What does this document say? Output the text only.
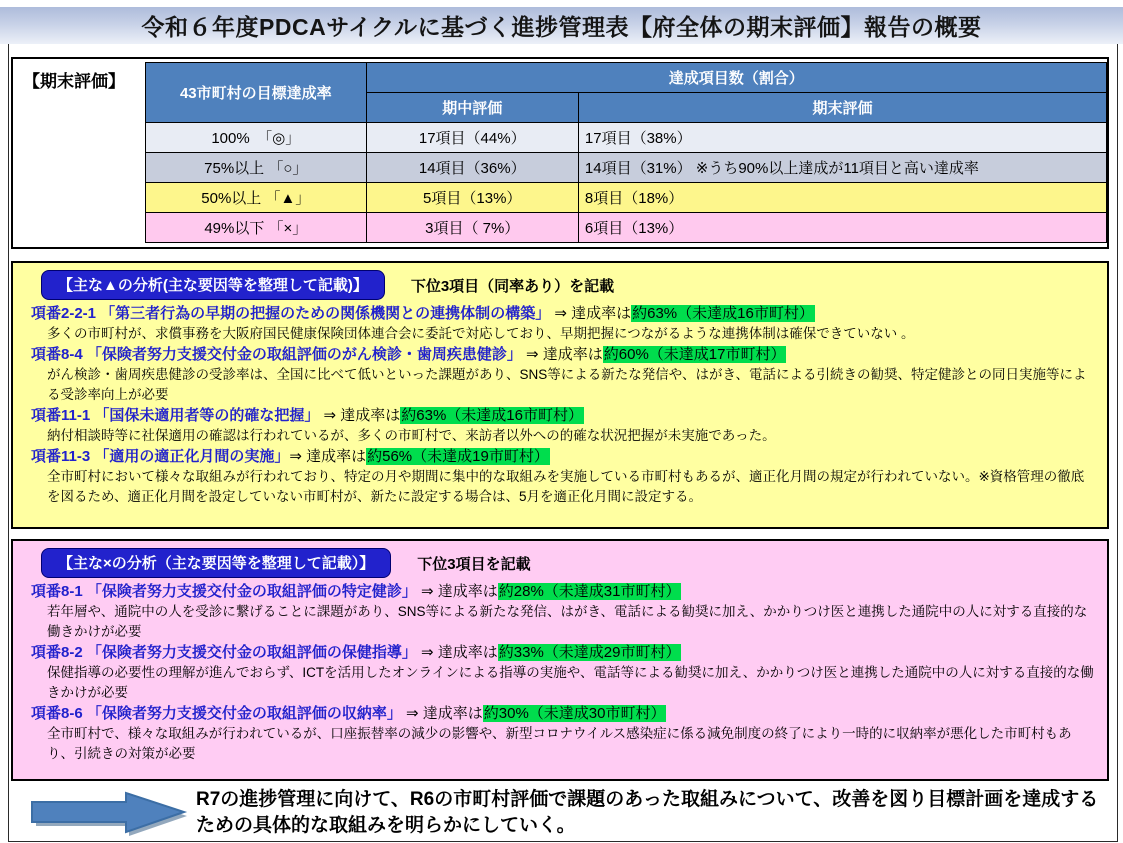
令和６年度PDCAサイクルに基づく進捗管理表【府全体の期末評価】報告の概要
【期末評価】
43市町村の目標達成率	達成項目数（割合）	
	期中評価	期末評価
100%　「◎」	17項目（44%）	17項目（38%）
75%以上 「○」	14項目（36%）	14項目（31%） ※うち90%以上達成が11項目と高い達成率
50%以上 「▲」	5項目（13%）	8項目（18%）
49%以下 「×」	3項目（ 7%）	6項目（13%）
【主な▲の分析(主な要因等を整理して記載)】	下位3項目（同率あり）を記載
項番2-2-1 「第三者行為の早期の把握のための関係機関との連携体制の構築」 ⇒ 達成率は約63%（未達成16市町村）
多くの市町村が、求償事務を大阪府国民健康保険団体連合会に委託で対応しており、早期把握につながるような連携体制は確保できていない 。
項番8-4 「保険者努力支援交付金の取組評価のがん検診・歯周疾患健診」 ⇒ 達成率は約60%（未達成17市町村）
がん検診・歯周疾患健診の受診率は、全国に比べて低いといった課題があり、SNS等による新たな発信や、はがき、電話による引続きの勧奨、特定健診との同日実施等による受診率向上が必要
項番11-1 「国保未適用者等の的確な把握」 ⇒ 達成率は約63%（未達成16市町村）
納付相談時等に社保適用の確認は行われているが、多くの市町村で、来訪者以外への的確な状況把握が未実施であった。
項番11-3 「適用の適正化月間の実施」⇒ 達成率は約56%（未達成19市町村）
全市町村において様々な取組みが行われており、特定の月や期間に集中的な取組みを実施している市町村もあるが、適正化月間の規定が行われていない。※資格管理の徹底を図るため、適正化月間を設定していない市町村が、新たに設定する場合は、5月を適正化月間に設定する。
【主な×の分析（主な要因等を整理して記載）】	下位3項目を記載
項番8-1 「保険者努力支援交付金の取組評価の特定健診」 ⇒ 達成率は約28%（未達成31市町村）
若年層や、通院中の人を受診に繋げることに課題があり、SNS等による新たな発信、はがき、電話による勧奨に加え、かかりつけ医と連携した通院中の人に対する直接的な働きかけが必要
項番8-2 「保険者努力支援交付金の取組評価の保健指導」 ⇒ 達成率は約33%（未達成29市町村）
保健指導の必要性の理解が進んでおらず、ICTを活用したオンラインによる指導の実施や、電話等による勧奨に加え、かかりつけ医と連携した通院中の人に対する直接的な働きかけが必要
項番8-6 「保険者努力支援交付金の取組評価の収納率」 ⇒ 達成率は約30%（未達成30市町村）
全市町村で、様々な取組みが行われているが、口座振替率の減少の影響や、新型コロナウイルス感染症に係る減免制度の終了により一時的に収納率が悪化した市町村もあり、引続きの対策が必要
R7の進捗管理に向けて、R6の市町村評価で課題のあった取組みについて、改善を図り目標計画を達成するための具体的な取組みを明らかにしていく。
